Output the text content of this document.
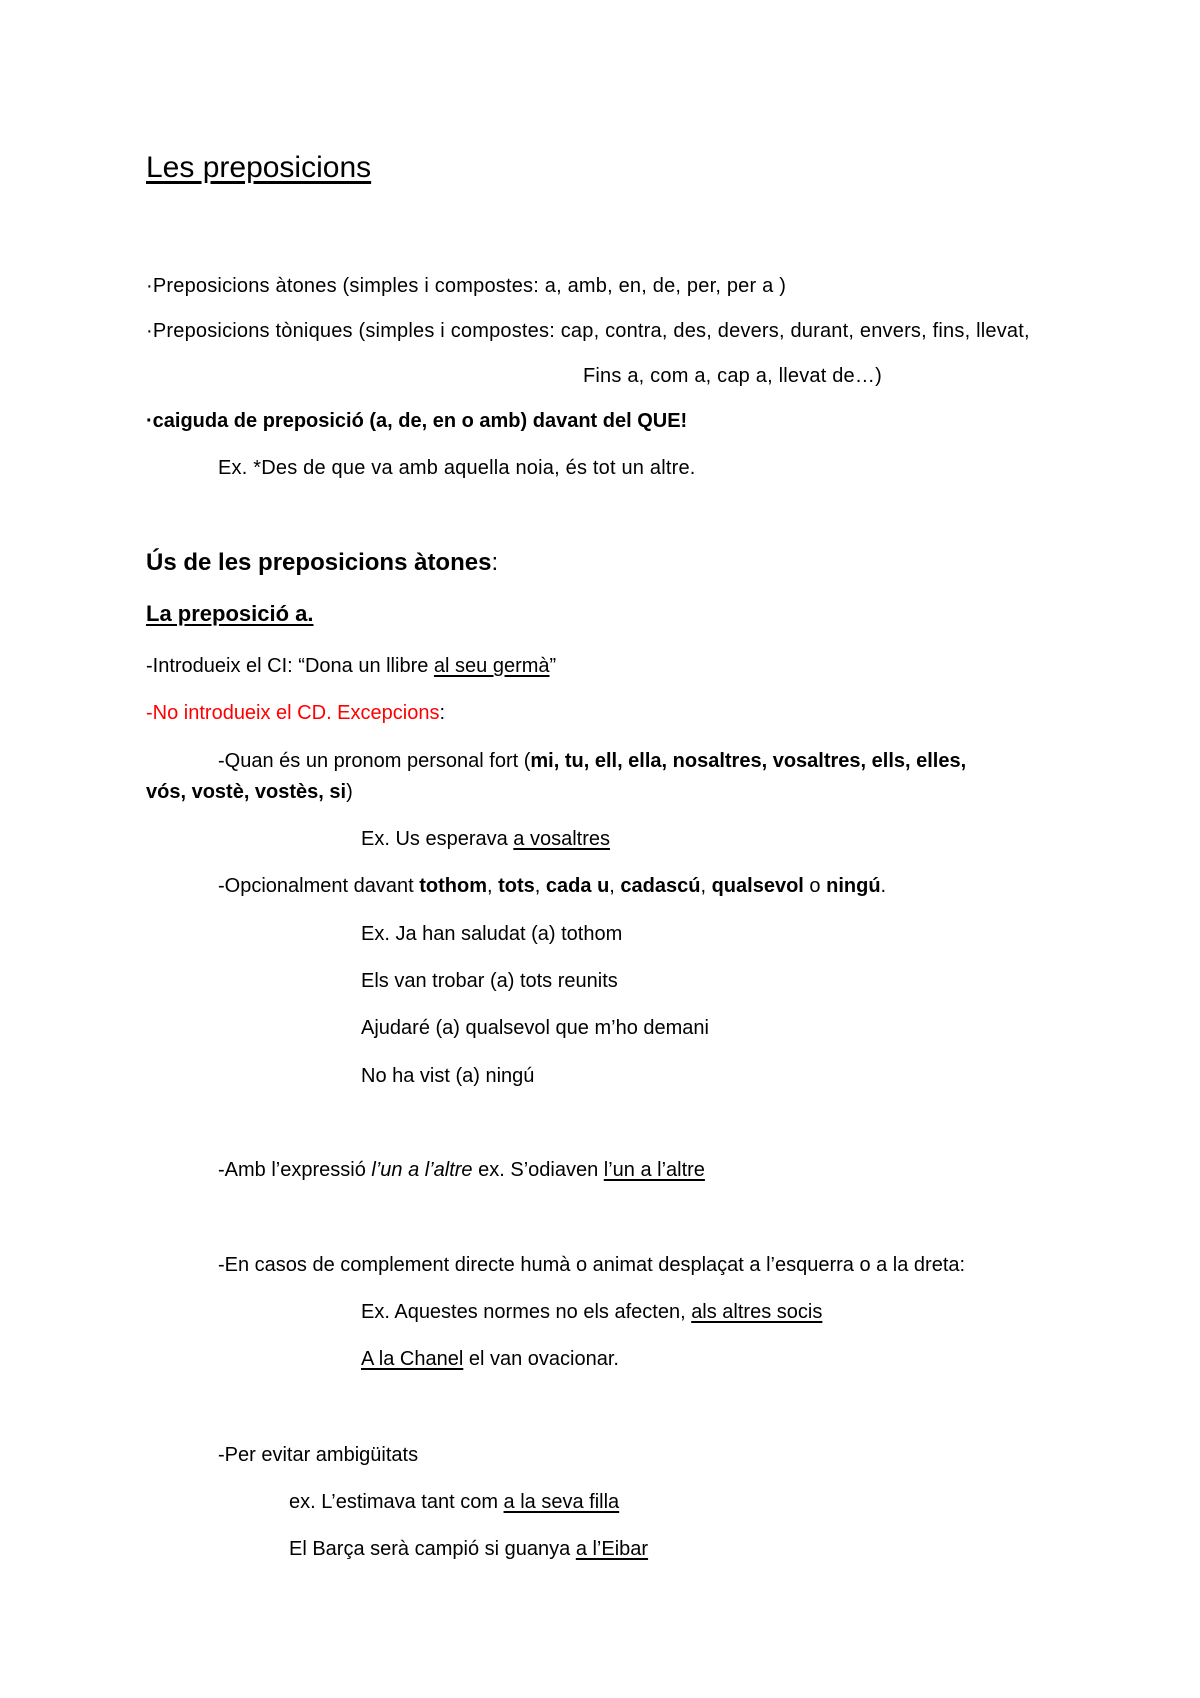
Les preposicions
·Preposicions àtones (simples i compostes: a, amb, en, de, per, per a )
·Preposicions tòniques (simples i compostes: cap, contra, des, devers, durant, envers, fins, llevat,
Fins a, com a, cap a, llevat de…)
·caiguda de preposició (a, de, en o amb) davant del QUE!
Ex. *Des de que va amb aquella noia, és tot un altre.
Ús de les preposicions àtones:
La preposició a.
-Introdueix el CI: “Dona un llibre al seu germà”
-No introdueix el CD. Excepcions:
-Quan és un pronom personal fort (mi, tu, ell, ella, nosaltres, vosaltres, ells, elles,
vós, vostè, vostès, si)
Ex. Us esperava a vosaltres
-Opcionalment davant tothom, tots, cada u, cadascú, qualsevol o ningú.
Ex. Ja han saludat (a) tothom
Els van trobar (a) tots reunits
Ajudaré (a) qualsevol que m’ho demani
No ha vist (a) ningú
-Amb l’expressió l’un a l’altre ex. S’odiaven l’un a l’altre
-En casos de complement directe humà o animat desplaçat a l’esquerra o a la dreta:
Ex. Aquestes normes no els afecten, als altres socis
A la Chanel el van ovacionar.
-Per evitar ambigüitats
ex. L’estimava tant com a la seva filla
El Barça serà campió si guanya a l’Eibar
